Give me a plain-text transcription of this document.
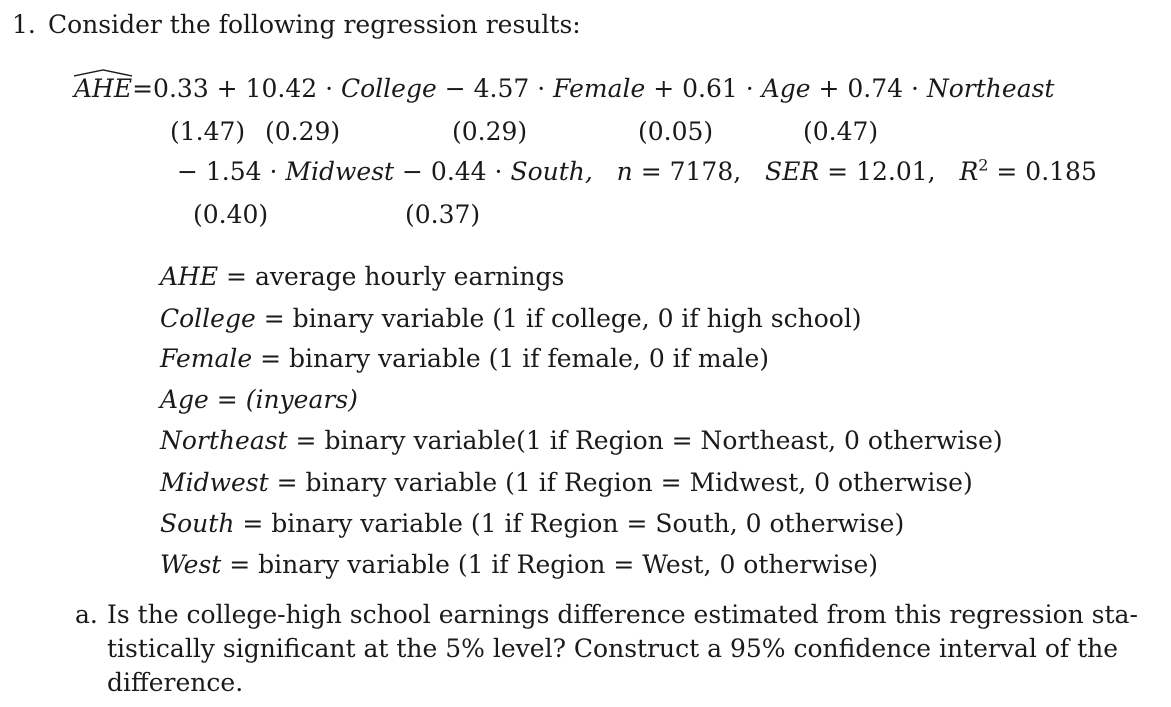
1. Consider the following regression results:
AHE=0.33 + 10.42 · College − 4.57 · Female + 0.61 · Age + 0.74 · Northeast
(1.47) (0.29)	(0.29)	(0.05)	(0.47)
− 1.54 · Midwest − 0.44 · South, n = 7178, SER = 12.01, $R^2 = 0.185$
(0.40)	(0.37)
AHE = average hourly earnings
College = binary variable (1 if college, 0 if high school)
Female = binary variable (1 if female, 0 if male)
Age = (inyears)
Northeast = binary variable(1 if Region = Northeast, 0 otherwise)
Midwest = binary variable (1 if Region = Midwest, 0 otherwise)
South = binary variable (1 if Region = South, 0 otherwise)
West = binary variable (1 if Region = West, 0 otherwise)
a. Is the college-high school earnings difference estimated from this regression sta-
tistically significant at the 5% level? Construct a 95% confidence interval of the
difference.
